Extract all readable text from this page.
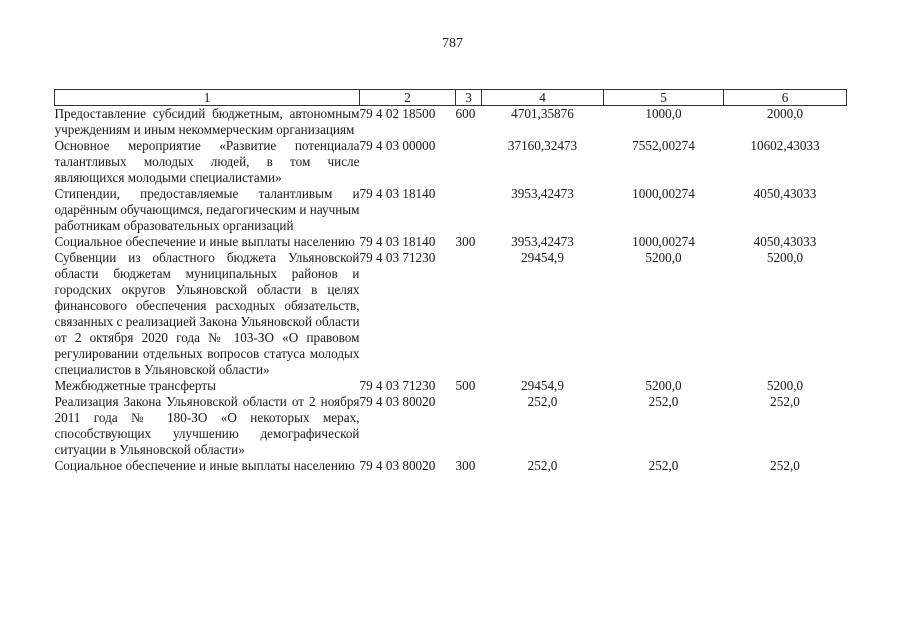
787
1	2	3	4	5	6
Предоставление субсидий бюджетным, автономным учреждениям и иным некоммерческим организациям	79 4 02 18500	600	4701,35876	1000,0	2000,0
Основное мероприятие «Развитие потенциала талантливых молодых людей, в том числе являющихся молодыми специалистами»	79 4 03 00000		37160,32473	7552,00274	10602,43033
Стипендии, предоставляемые талантливым и одарённым обучающимся, педагогическим и научным работникам образовательных организаций	79 4 03 18140		3953,42473	1000,00274	4050,43033
Социальное обеспечение и иные выплаты населению	79 4 03 18140	300	3953,42473	1000,00274	4050,43033
Субвенции из областного бюджета Ульяновской области бюджетам муниципальных районов и городских округов Ульяновской области в целях финансового обеспечения расходных обязательств, связанных с реализацией Закона Ульяновской области от 2 октября 2020 года № 103-ЗО «О правовом регулировании отдельных вопросов статуса молодых специалистов в Ульяновской области»	79 4 03 71230		29454,9	5200,0	5200,0
Межбюджетные трансферты	79 4 03 71230	500	29454,9	5200,0	5200,0
Реализация Закона Ульяновской области от 2 ноября 2011 года № 180-ЗО «О некоторых мерах, способствующих улучшению демографической ситуации в Ульяновской области»	79 4 03 80020		252,0	252,0	252,0
Социальное обеспечение и иные выплаты населению	79 4 03 80020	300	252,0	252,0	252,0
